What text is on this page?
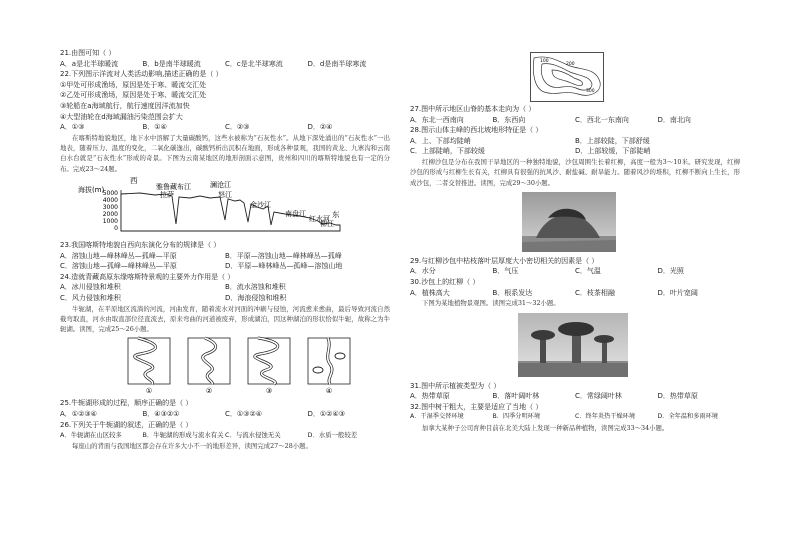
21.由图可知（ ）
A．a是北半球暖流	B．b是南半球暖流	C．c是北半球寒流	D．d是南半球寒流
22.下列图示洋流对人类活动影响,描述正确的是（ ）
①甲处可形成渔场，原因是处于寒、暖流交汇处
②乙处可形成渔场，原因是处于寒、暖流交汇处
③轮船在a海域航行，航行速度因洋流加快
④大型油轮在d海域漏油污染范围会扩大
A．①③	B．①④	C．②③	D．②④
在喀斯特地貌地区，地下水中溶解了大量碳酸钙，这些水被称为“石灰性水”。从地下深处涌出的“石灰性水”一出地表，随着压力、温度的变化，二氧化碳逸出，碳酸钙析出沉积在地面，形成各种景观，我国的黄龙、九寨沟和云南白水台就是“石灰性水”形成的奇景。下图为云南某地区的地形剖面示意图，贵州和四川的喀斯特地貌也有一定的分布。完成23～24题。
西
东
海拔(m)
5000
4000
3000
2000
1000
0
雅鲁藏布江	澜沧江
拉萨	怒江
金沙江
南盘江
红水河
柳江
23.我国喀斯特地貌自西向东演化分布的规律是（ ）
A．溶蚀山地—峰林峰丛—孤峰—平原	B．平原—溶蚀山地—峰林峰丛—孤峰
C．溶蚀山地—孤峰—峰林峰丛—平原	D．平原—峰林峰丛—孤峰—溶蚀山地
24.造就青藏高原东缘喀斯特景观的主要外力作用是（ ）
A．冰川侵蚀和堆积	B．流水溶蚀和堆积
C．风力侵蚀和堆积	D．海浪侵蚀和堆积
牛轭湖，在平原地区流淌的河流，河曲发育，随着流水对河面的冲刷与侵蚀，河流愈来愈曲，最后导致河流自然截弯取直，河水由取直部位径直流去，原来弯曲的河道被废弃，形成湖泊，因这种湖泊的形状恰似牛轭，故称之为牛轭湖。读图，完成25～26小题。
①	②	③	④
25.牛轭湖形成的过程，顺序正确的是（ ）
A．①②③④	B．④③②①	C．①③②④	D．①②④③
26.下列关于牛轭湖的叙述，正确的是（ ）
A．牛轭湖在山区较多	B．牛轭湖的形成与流水有关 C．与流水侵蚀无关	D．水质一般较差
每座山的背面与我国地区都会存在许多大小不一的地形差异，读图完成27～28小题。
100
200
300
27.图中所示地区山脊的基本走向为（ ）
A．东北一西南向	B．东西向	C．西北一东南向	D．南北向
28.图示山体主峰的西北坡地形特征是（ ）
A．上、下部均陡峭	B．上部较陡，下部舒缓
C．上部陡峭，下部较缓	D．上部较缓，下部陡峭
红柳沙包是分布在我国干旱地区的一种独特地貌，沙包周围生长着红柳，高度一般为3～10米。研究发现，红柳沙包的形成与红柳生长有关，红柳具有很强的抗风沙、耐盐碱、耐旱能力。随着风沙的堆积，红柳不断向上生长，形成沙包，二者交替推进。读图，完成29～30小题。
29.与红柳沙包中枯枝落叶层厚度大小密切相关的因素是（ ）
A．水分	B．气压	C．气温	D．光照
30.沙包上的红柳（ ）
A．植株高大	B．根系发达	C．枝茶相融	D．叶片宽阔
下图为某地植物景观图。读图完成31～32小题。
31.图中所示植被类型为（ ）
A．热带草原	B．落叶阔叶林	C．常绿阔叶林	D．热带草原
32.图中树干粗大，主要是适应了当地（ ）
A．干湿季交替环境	B．四季分明环境	C．终年炎热干燥环境	D．全年温和多雨环境
加拿大某种子公司育种目前在北美大陆上发现一种新品种植物，读图完成33～34小题。
